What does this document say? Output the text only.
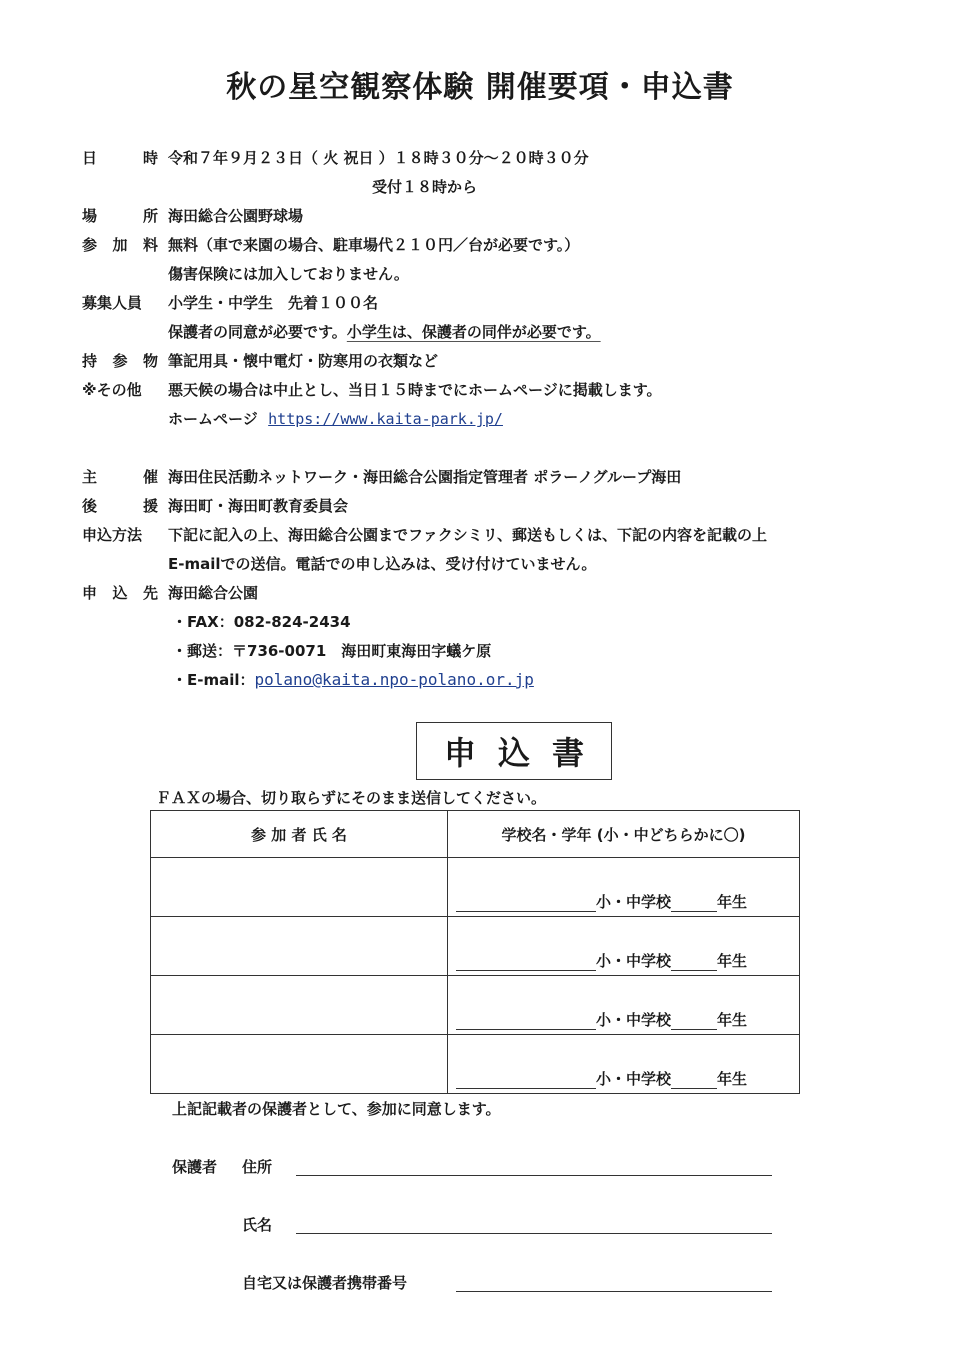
秋の星空観察体験 開催要項・申込書
日	時 令和７年９月２３日（ 火 祝日 ）１８時３０分～２０時３０分
受付１８時から
場	所 海田総合公園野球場
参 加 料 無料（車で来園の場合、駐車場代２１０円／台が必要です。）
傷害保険には加入しておりません。
募集人員	小学生・中学生　先着１００名
保護者の同意が必要です。小学生は、保護者の同伴が必要です。
持 参 物 筆記用具・懐中電灯・防寒用の衣類など
※その他	悪天候の場合は中止とし、当日１５時までにホームページに掲載します。
ホームページ https://www.kaita-park.jp/
主	催 海田住民活動ネットワーク・海田総合公園指定管理者 ポラーノグループ海田
後	援 海田町・海田町教育委員会
申込方法	下記に記入の上、海田総合公園までファクシミリ、郵送もしくは、下記の内容を記載の上
E-mailでの送信。電話での申し込みは、受け付けていません。
申 込 先 海田総合公園
・FAX：082-824-2434
・郵送：〒736-0071　海田町東海田字蟻ケ原
・E-mail：polano@kaita.npo-polano.or.jp
申込書
ＦＡＸの場合、切り取らずにそのまま送信してください。
参 加 者 氏 名	学校名・学年 (小・中どちらかに〇)

	小・中学校 年生

	小・中学校 年生

	小・中学校 年生

	小・中学校 年生
上記記載者の保護者として、参加に同意します。
保護者 住所
氏名
自宅又は保護者携帯番号
